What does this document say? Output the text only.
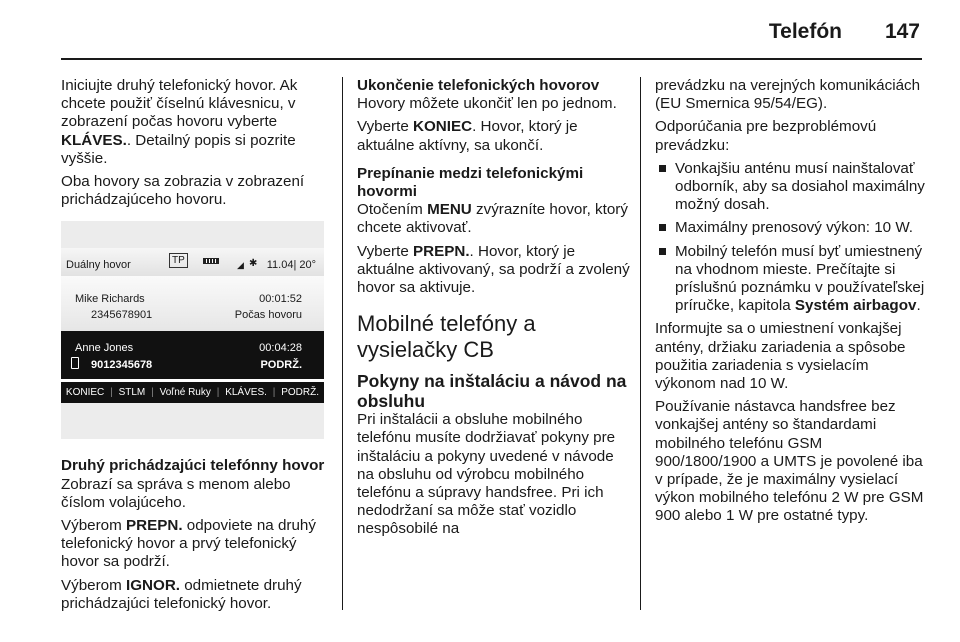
Telefón 147

Iniciujte druhý telefonický hovor. Ak chcete použiť číselnú klávesnicu, v zobrazení počas hovoru vyberte KLÁVES.. Detailný popis si pozrite vyššie.

Oba hovory sa zobrazia v zobrazení prichádzajúceho hovoru.

Duálny hovor	TP	◢ ✱ 11.04| 20°
Mike Richards	00:01:52
2345678901	Počas hovoru
Anne Jones	00:04:28
9012345678	PODRŽ.
KONIEC | STLM | Voľné Ruky | KLÁVES. | PODRŽ.

Druhý prichádzajúci telefónny hovor

Zobrazí sa správa s menom alebo číslom volajúceho.

Výberom PREPN. odpoviete na druhý telefonický hovor a prvý telefonický hovor sa podrží.

Výberom IGNOR. odmietnete druhý prichádzajúci telefonický hovor.

Ukončenie telefonických hovorov

Hovory môžete ukončiť len po jednom.

Vyberte KONIEC. Hovor, ktorý je aktuálne aktívny, sa ukončí.

Prepínanie medzi telefonickými hovormi

Otočením MENU zvýrazníte hovor, ktorý chcete aktivovať.

Vyberte PREPN.. Hovor, ktorý je aktuálne aktivovaný, sa podrží a zvolený hovor sa aktivuje.

Mobilné telefóny a vysielačky CB

Pokyny na inštaláciu a návod na obsluhu

Pri inštalácii a obsluhe mobilného telefónu musíte dodržiavať pokyny pre inštaláciu a pokyny uvedené v návode na obsluhu od výrobcu mobilného telefónu a súpravy handsfree. Pri ich nedodržaní sa môže stať vozidlo nespôsobilé na

prevádzku na verejných komunikáciách (EU Smernica 95/54/EG).

Odporúčania pre bezproblémovú prevádzku:

Vonkajšiu anténu musí nainštalovať odborník, aby sa dosiahol maximálny možný dosah.
Maximálny prenosový výkon: 10 W.
Mobilný telefón musí byť umiestnený na vhodnom mieste. Prečítajte si príslušnú poznámku v používateľskej príručke, kapitola Systém airbagov.

Informujte sa o umiestnení vonkajšej antény, držiaku zariadenia a spôsobe použitia zariadenia s vysielacím výkonom nad 10 W.

Používanie nástavca handsfree bez vonkajšej antény so štandardami mobilného telefónu GSM 900/1800/1900 a UMTS je povolené iba v prípade, že je maximálny vysielací výkon mobilného telefónu 2 W pre GSM 900 alebo 1 W pre ostatné typy.
